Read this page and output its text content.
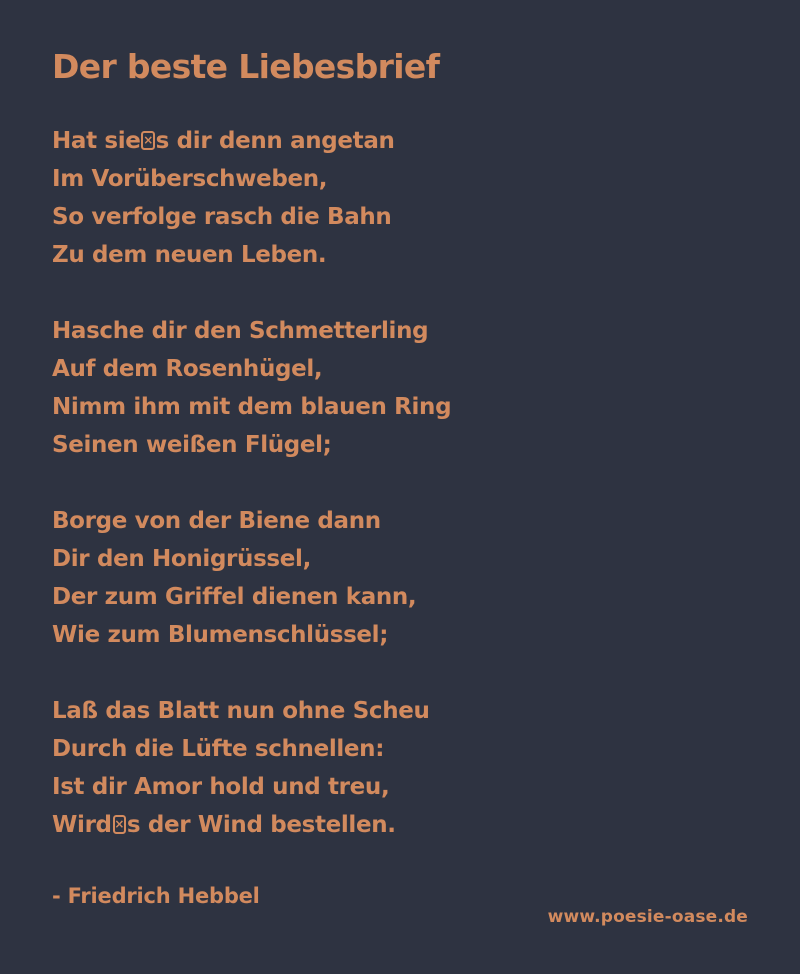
Der beste Liebesbrief

Hat sie × s dir denn angetan
Im Vorüberschweben,
So verfolge rasch die Bahn
Zu dem neuen Leben.

Hasche dir den Schmetterling
Auf dem Rosenhügel,
Nimm ihm mit dem blauen Ring
Seinen weißen Flügel;

Borge von der Biene dann
Dir den Honigrüssel,
Der zum Griffel dienen kann,
Wie zum Blumenschlüssel;

Laß das Blatt nun ohne Scheu
Durch die Lüfte schnellen:
Ist dir Amor hold und treu,
Wird × s der Wind bestellen.

- Friedrich Hebbel
www.poesie-oase.de
